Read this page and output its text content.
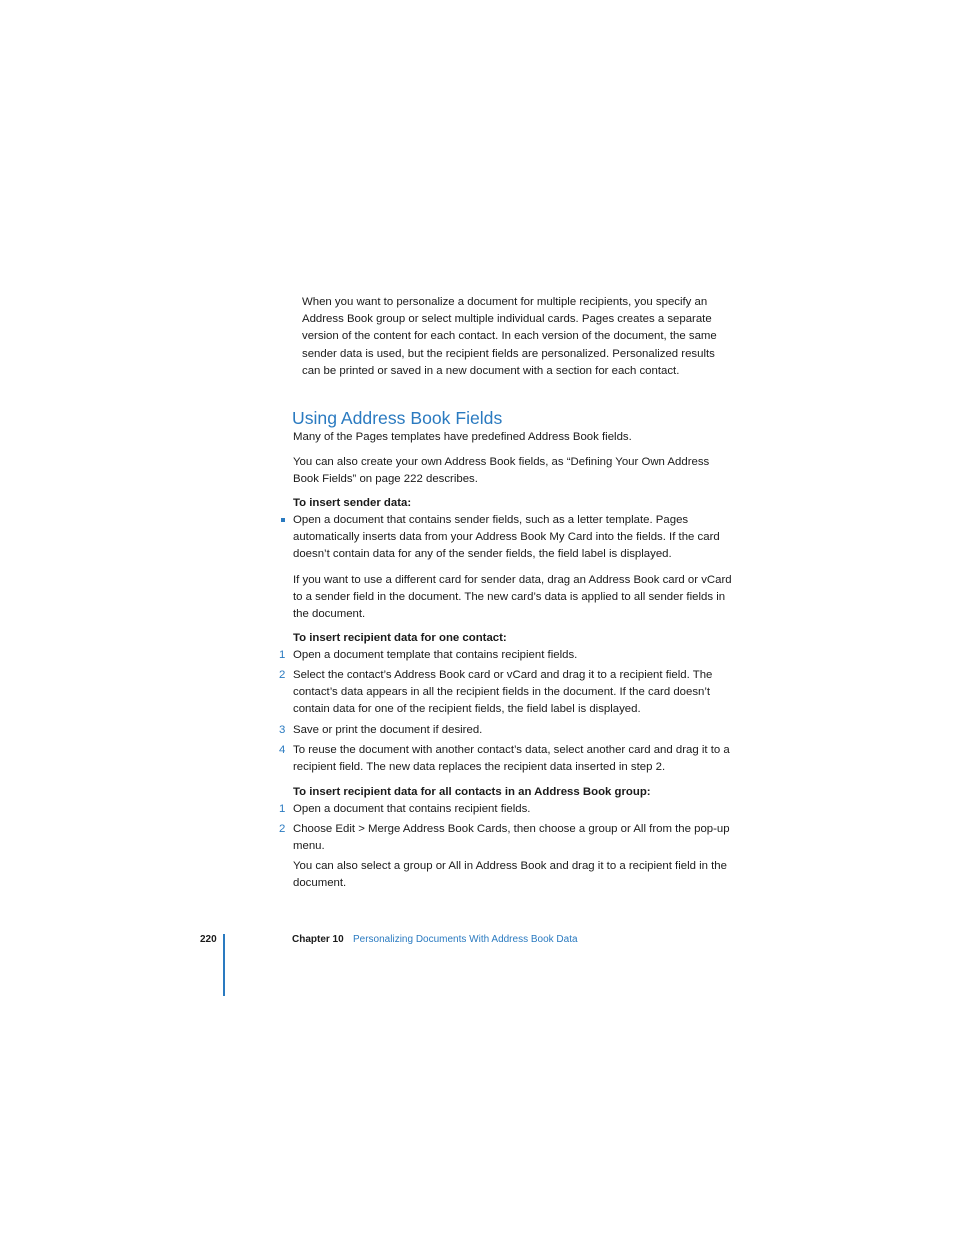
When you want to personalize a document for multiple recipients, you specify an Address Book group or select multiple individual cards. Pages creates a separate version of the content for each contact. In each version of the document, the same sender data is used, but the recipient fields are personalized. Personalized results can be printed or saved in a new document with a section for each contact.

Using Address Book Fields

Many of the Pages templates have predefined Address Book fields.

You can also create your own Address Book fields, as “Defining Your Own Address Book Fields” on page 222 describes.

To insert sender data:

Open a document that contains sender fields, such as a letter template. Pages automatically inserts data from your Address Book My Card into the fields. If the card doesn’t contain data for any of the sender fields, the field label is displayed.

If you want to use a different card for sender data, drag an Address Book card or vCard to a sender field in the document. The new card’s data is applied to all sender fields in the document.

To insert recipient data for one contact:
1 Open a document template that contains recipient fields.

2 Select the contact’s Address Book card or vCard and drag it to a recipient field. The contact’s data appears in all the recipient fields in the document. If the card doesn’t contain data for one of the recipient fields, the field label is displayed.

3 Save or print the document if desired.

4 To reuse the document with another contact’s data, select another card and drag it to a recipient field. The new data replaces the recipient data inserted in step 2.

To insert recipient data for all contacts in an Address Book group:
1 Open a document that contains recipient fields.

2 Choose Edit > Merge Address Book Cards, then choose a group or All from the pop-up menu.

You can also select a group or All in Address Book and drag it to a recipient field in the document.

220	Chapter 10 Personalizing Documents With Address Book Data
